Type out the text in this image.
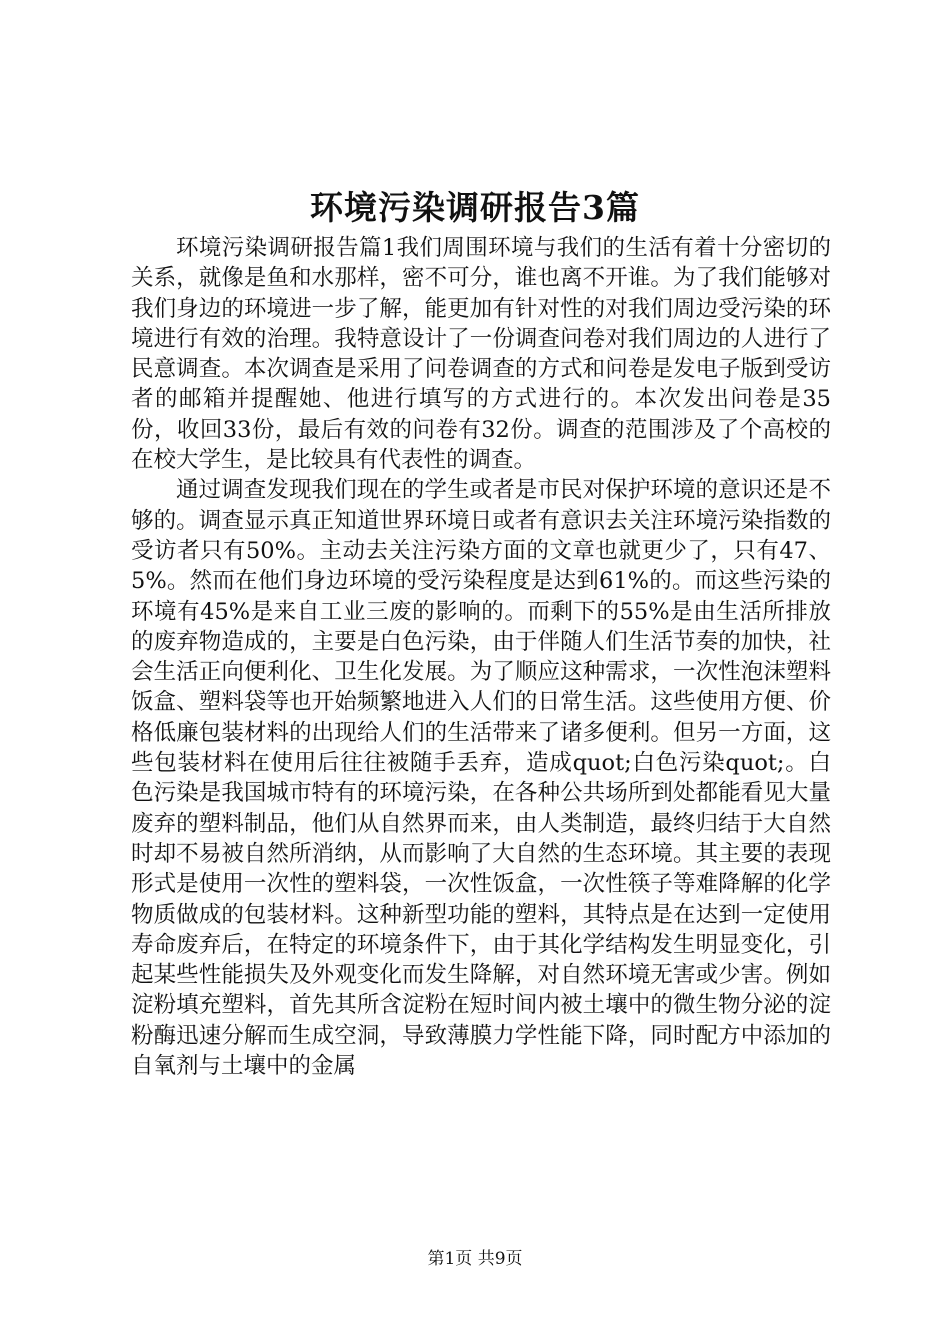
环境污染调研报告3篇

环境污染调研报告篇1我们周围环境与我们的生活有着十分密切的关系，就像是鱼和水那样，密不可分，谁也离不开谁。为了我们能够对我们身边的环境进一步了解，能更加有针对性的对我们周边受污染的环境进行有效的治理。我特意设计了一份调查问卷对我们周边的人进行了民意调查。本次调查是采用了问卷调查的方式和问卷是发电子版到受访者的邮箱并提醒她、他进行填写的方式进行的。本次发出问卷是35份，收回33份，最后有效的问卷有32份。调查的范围涉及了个高校的在校大学生，是比较具有代表性的调查。

通过调查发现我们现在的学生或者是市民对保护环境的意识还是不够的。调查显示真正知道世界环境日或者有意识去关注环境污染指数的受访者只有50%。主动去关注污染方面的文章也就更少了，只有47、5%。然而在他们身边环境的受污染程度是达到61%的。而这些污染的环境有45%是来自工业三废的影响的。而剩下的55%是由生活所排放的废弃物造成的，主要是白色污染，由于伴随人们生活节奏的加快，社会生活正向便利化、卫生化发展。为了顺应这种需求，一次性泡沫塑料饭盒、塑料袋等也开始频繁地进入人们的日常生活。这些使用方便、价格低廉包装材料的出现给人们的生活带来了诸多便利。但另一方面，这些包装材料在使用后往往被随手丢弃，造成quot;白色污染quot;。白色污染是我国城市特有的环境污染，在各种公共场所到处都能看见大量废弃的塑料制品，他们从自然界而来，由人类制造，最终归结于大自然时却不易被自然所消纳，从而影响了大自然的生态环境。其主要的表现形式是使用一次性的塑料袋，一次性饭盒，一次性筷子等难降解的化学物质做成的包装材料。这种新型功能的塑料，其特点是在达到一定使用寿命废弃后，在特定的环境条件下，由于其化学结构发生明显变化，引起某些性能损失及外观变化而发生降解，对自然环境无害或少害。例如淀粉填充塑料，首先其所含淀粉在短时间内被土壤中的微生物分泌的淀粉酶迅速分解而生成空洞，导致薄膜力学性能下降，同时配方中添加的自氧剂与土壤中的金属

第1页 共9页
